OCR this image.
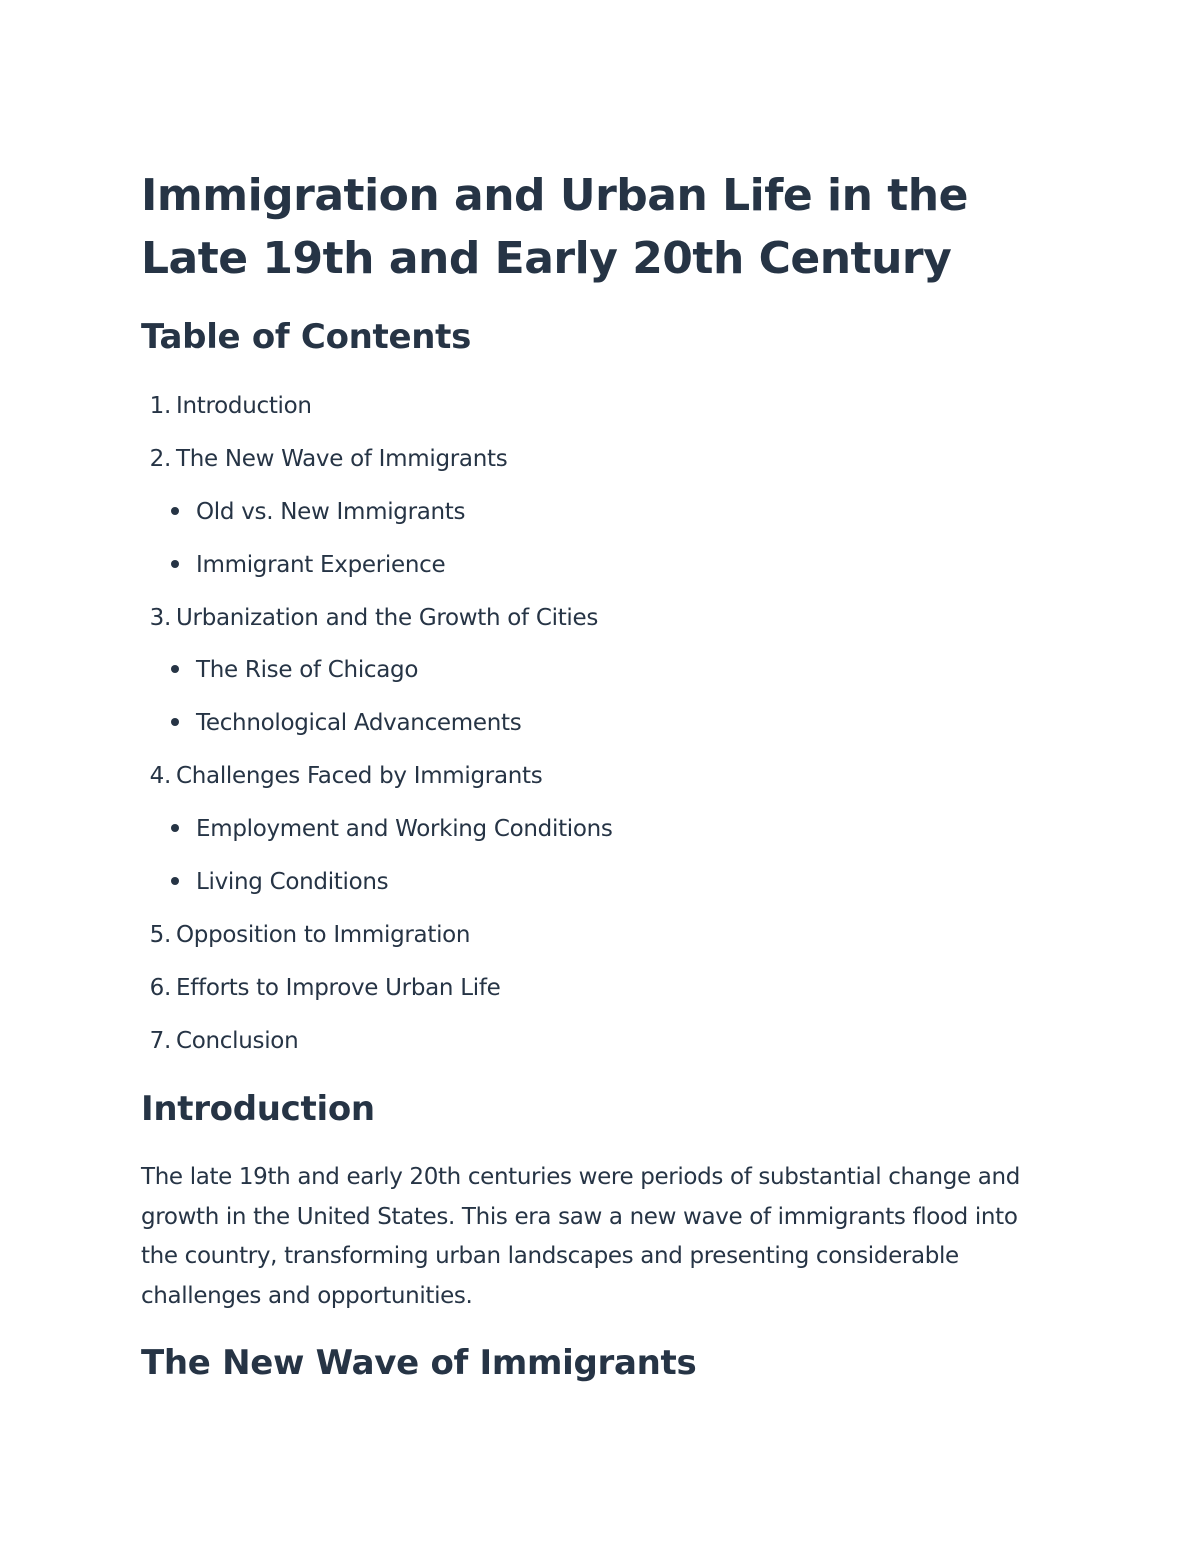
Immigration and Urban Life in the Late 19th and Early 20th Century
Table of Contents
1 . Introduction
2 . The New Wave of Immigrants
Old vs. New Immigrants
Immigrant Experience
3 . Urbanization and the Growth of Cities
The Rise of Chicago
Technological Advancements
4 . Challenges Faced by Immigrants
Employment and Working Conditions
Living Conditions
5 . Opposition to Immigration
6 . Efforts to Improve Urban Life
7 . Conclusion
Introduction

The late 19th and early 20th centuries were periods of substantial change and growth in the United States. This era saw a new wave of immigrants flood into the country, transforming urban landscapes and presenting considerable challenges and opportunities.

The New Wave of Immigrants
